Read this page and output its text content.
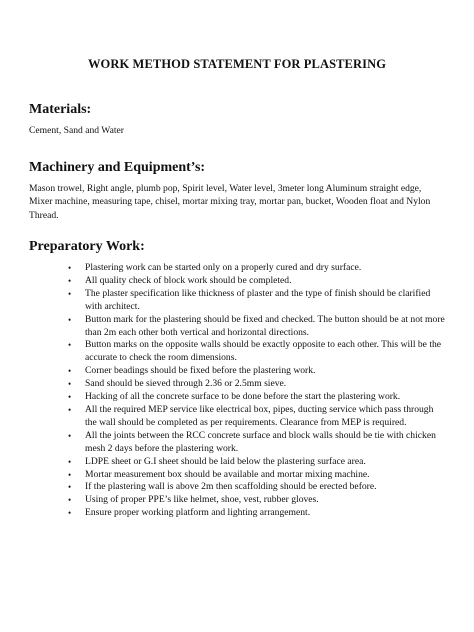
WORK METHOD STATEMENT FOR PLASTERING
Materials:

Cement, Sand and Water

Machinery and Equipment’s:

Mason trowel, Right angle, plumb pop, Spirit level, Water level, 3meter long Aluminum straight edge, Mixer machine, measuring tape, chisel, mortar mixing tray, mortar pan, bucket, Wooden float and Nylon Thread.

Preparatory Work:
• Plastering work can be started only on a properly cured and dry surface.
• All quality check of block work should be completed.
• The plaster specification like thickness of plaster and the type of finish should be clarified with architect.
• Button mark for the plastering should be fixed and checked. The button should be at not more than 2m each other both vertical and horizontal directions.
• Button marks on the opposite walls should be exactly opposite to each other. This will be the accurate to check the room dimensions.
• Corner beadings should be fixed before the plastering work.
• Sand should be sieved through 2.36 or 2.5mm sieve.
• Hacking of all the concrete surface to be done before the start the plastering work.
• All the required MEP service like electrical box, pipes, ducting service which pass through the wall should be completed as per requirements. Clearance from MEP is required.
• All the joints between the RCC concrete surface and block walls should be tie with chicken mesh 2 days before the plastering work.
• LDPE sheet or G.I sheet should be laid below the plastering surface area.
• Mortar measurement box should be available and mortar mixing machine.
• If the plastering wall is above 2m then scaffolding should be erected before.
• Using of proper PPE’s like helmet, shoe, vest, rubber gloves.
• Ensure proper working platform and lighting arrangement.
